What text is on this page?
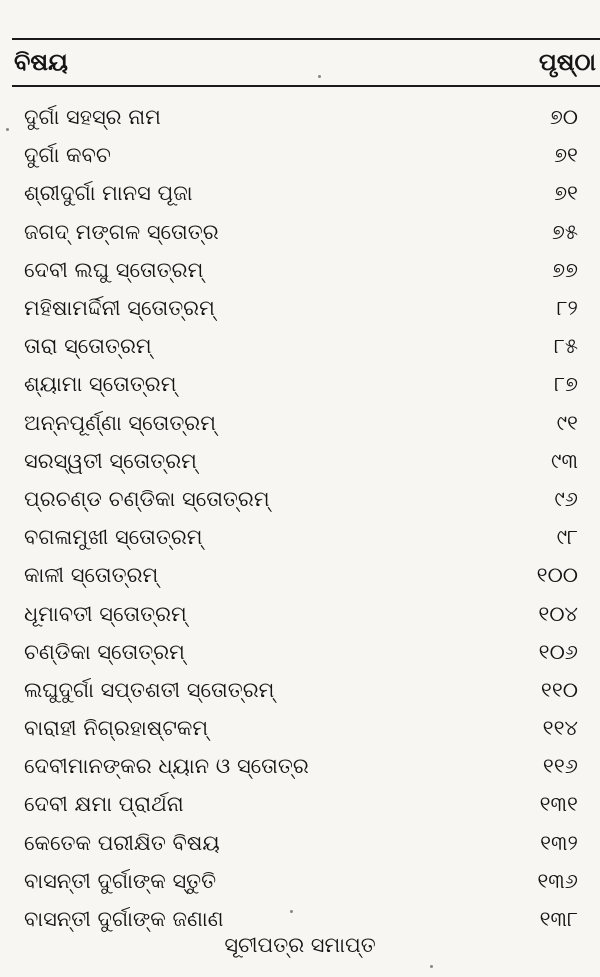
ବିଷୟ	ପୃଷ୍ଠା
ଦୁର୍ଗା ସହସ୍ର ନାମ	୭୦
ଦୁର୍ଗା କବଚ	୭୧
ଶ୍ରୀଦୁର୍ଗା ମାନସ ପୂଜା	୭୧
ଜଗଦ୍ ମଙ୍ଗଳ ସ୍ତୋତ୍ର	୭୫
ଦେବୀ ଲଘୁ ସ୍ତୋତ୍ରମ୍	୭୭
ମହିଷାମର୍ଦ୍ଦିନୀ ସ୍ତୋତ୍ରମ୍	୮୨
ତାରା ସ୍ତୋତ୍ରମ୍	୮୫
ଶ୍ୟାମା ସ୍ତୋତ୍ରମ୍	୮୭
ଅନ୍ନପୂର୍ଣ୍ଣା ସ୍ତୋତ୍ରମ୍	୯୧
ସରସ୍ୱତୀ ସ୍ତୋତ୍ରମ୍	୯୩
ପ୍ରଚଣ୍ଡ ଚଣ୍ଡିକା ସ୍ତୋତ୍ରମ୍	୯୬
ବଗଳାମୁଖୀ ସ୍ତୋତ୍ରମ୍	୯୮
କାଳୀ ସ୍ତୋତ୍ରମ୍	୧୦୦
ଧୂମାବତୀ ସ୍ତୋତ୍ରମ୍	୧୦୪
ଚଣ୍ଡିକା ସ୍ତୋତ୍ରମ୍	୧୦୬
ଲଘୁଦୁର୍ଗା ସପ୍ତଶତୀ ସ୍ତୋତ୍ରମ୍	୧୧୦
ବାରାହୀ ନିଗ୍ରହାଷ୍ଟକମ୍	୧୧୪
ଦେବୀମାନଙ୍କର ଧ୍ୟାନ ଓ ସ୍ତୋତ୍ର	୧୧୬
ଦେବୀ କ୍ଷମା ପ୍ରାର୍ଥନା	୧୩୧
କେତେକ ପରୀକ୍ଷିତ ବିଷୟ	୧୩୨
ବାସନ୍ତୀ ଦୁର୍ଗାଙ୍କ ସ୍ତୁତି	୧୩୬
ବାସନ୍ତୀ ଦୁର୍ଗାଙ୍କ ଜଣାଣ	୧୩୮
ସୂଚୀପତ୍ର ସମାପ୍ତ
